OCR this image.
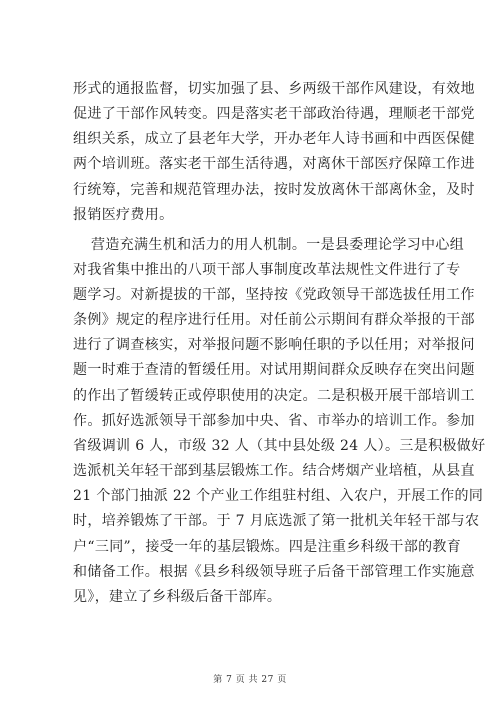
形式的通报监督，切实加强了县、乡两级干部作风建设，有效地
促进了干部作风转变。四是落实老干部政治待遇，理顺老干部党
组织关系，成立了县老年大学，开办老年人诗书画和中西医保健
两个培训班。落实老干部生活待遇，对离休干部医疗保障工作进
行统筹，完善和规范管理办法，按时发放离休干部离休金，及时
报销医疗费用。
营造充满生机和活力的用人机制。一是县委理论学习中心组
对我省集中推出的八项干部人事制度改革法规性文件进行了专
题学习。对新提拔的干部，坚持按《党政领导干部选拔任用工作
条例》规定的程序进行任用。对任前公示期间有群众举报的干部
进行了调查核实，对举报问题不影响任职的予以任用；对举报问
题一时难于查清的暂缓任用。对试用期间群众反映存在突出问题
的作出了暂缓转正或停职使用的决定。二是积极开展干部培训工
作。抓好选派领导干部参加中央、省、市举办的培训工作。参加
省级调训 6 人，市级 32 人（其中县处级 24 人）。三是积极做好
选派机关年轻干部到基层锻炼工作。结合烤烟产业培植，从县直
21 个部门抽派 22 个产业工作组驻村组、入农户，开展工作的同
时，培养锻炼了干部。于 7 月底选派了第一批机关年轻干部与农
户“三同”，接受一年的基层锻炼。四是注重乡科级干部的教育
和储备工作。根据《县乡科级领导班子后备干部管理工作实施意
见》，建立了乡科级后备干部库。
第 7 页 共 27 页
